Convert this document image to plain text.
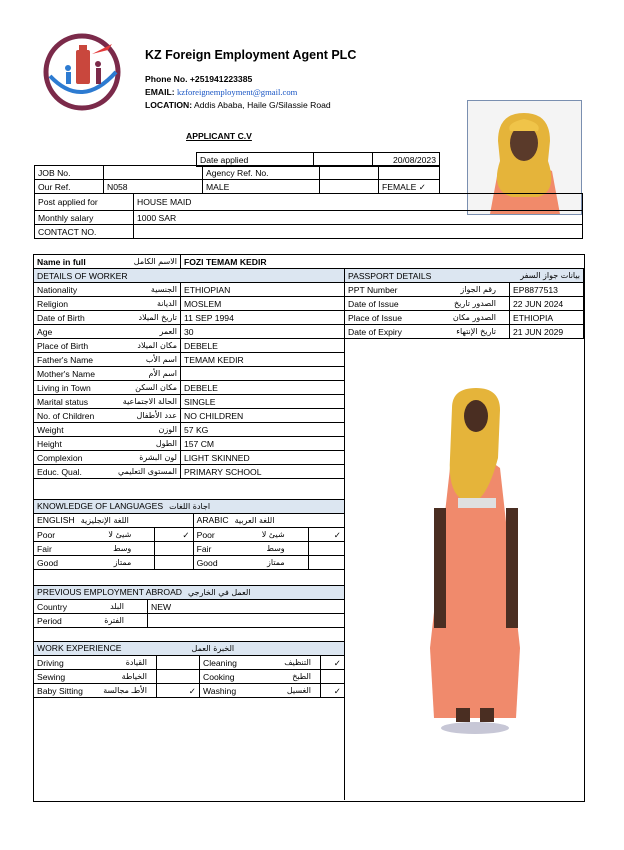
KZ Foreign Employment Agent PLC
Phone No. +251941223385
EMAIL: kzforeignemployment@gmail.com
LOCATION: Addis Ababa, Haile G/Silassie Road
APPLICANT C.V
Date applied		20/08/2023
JOB No.		Agency Ref. No.		
Our Ref.	N058	MALE		FEMALE ✓
Post applied for	HOUSE MAID
Monthly salary	1000 SAR
CONTACT NO.	
Name in full	الاسم الكامل	FOZI TEMAM KEDIR
DETAILS OF WORKER	
Nationality الجنسية	ETHIOPIAN
Religion الديانة	MOSLEM
Date of Birth تاريخ الميلاد	11 SEP 1994
Age العمر	30
Place of Birth مكان الميلاد	DEBELE
Father's Name اسم الأب	TEMAM KEDIR
Mother's Name اسم الأم	

Living in Town مكان السكن	DEBELE
Marital status الحالة الاجتماعية	SINGLE
No. of Children عدد الأطفال	NO CHILDREN
Weight الوزن	57 KG
Height الطول	157 CM
Complexion لون البشرة	LIGHT SKINNED
Educ. Qual. المستوى التعليمي	PRIMARY SCHOOL
PASSPORT DETAILS بيانات جواز السفر	

PPT Number رقم الجواز	EP8877513
Date of Issue الصدور تاريخ	22 JUN 2024
Place of Issue الصدور مكان	ETHIOPIA
Date of Expiry تاريخ الإنتهاء	21 JUN 2029
KNOWLEDGE OF LANGUAGES اجادة اللغات			
ENGLISH اللغة الإنجليزية		ARABIC اللغة العربية	
Poor شيئ لا	✓	Poor شيئ لا	✓
Fair وسط		Fair وسط	

Good ممتاز		Good ممتاز	

PREVIOUS EMPLOYMENT ABROAD العمل في الخارجي	
Country البلد	NEW
Period الفترة	

WORK EXPERIENCE الخبرة العمل			
Driving القيادة		Cleaning التنظيف	✓
Sewing الخياطة		Cooking الطبخ	

Baby Sitting الأطـ مجالسة	✓	Washing الغسيل	✓
